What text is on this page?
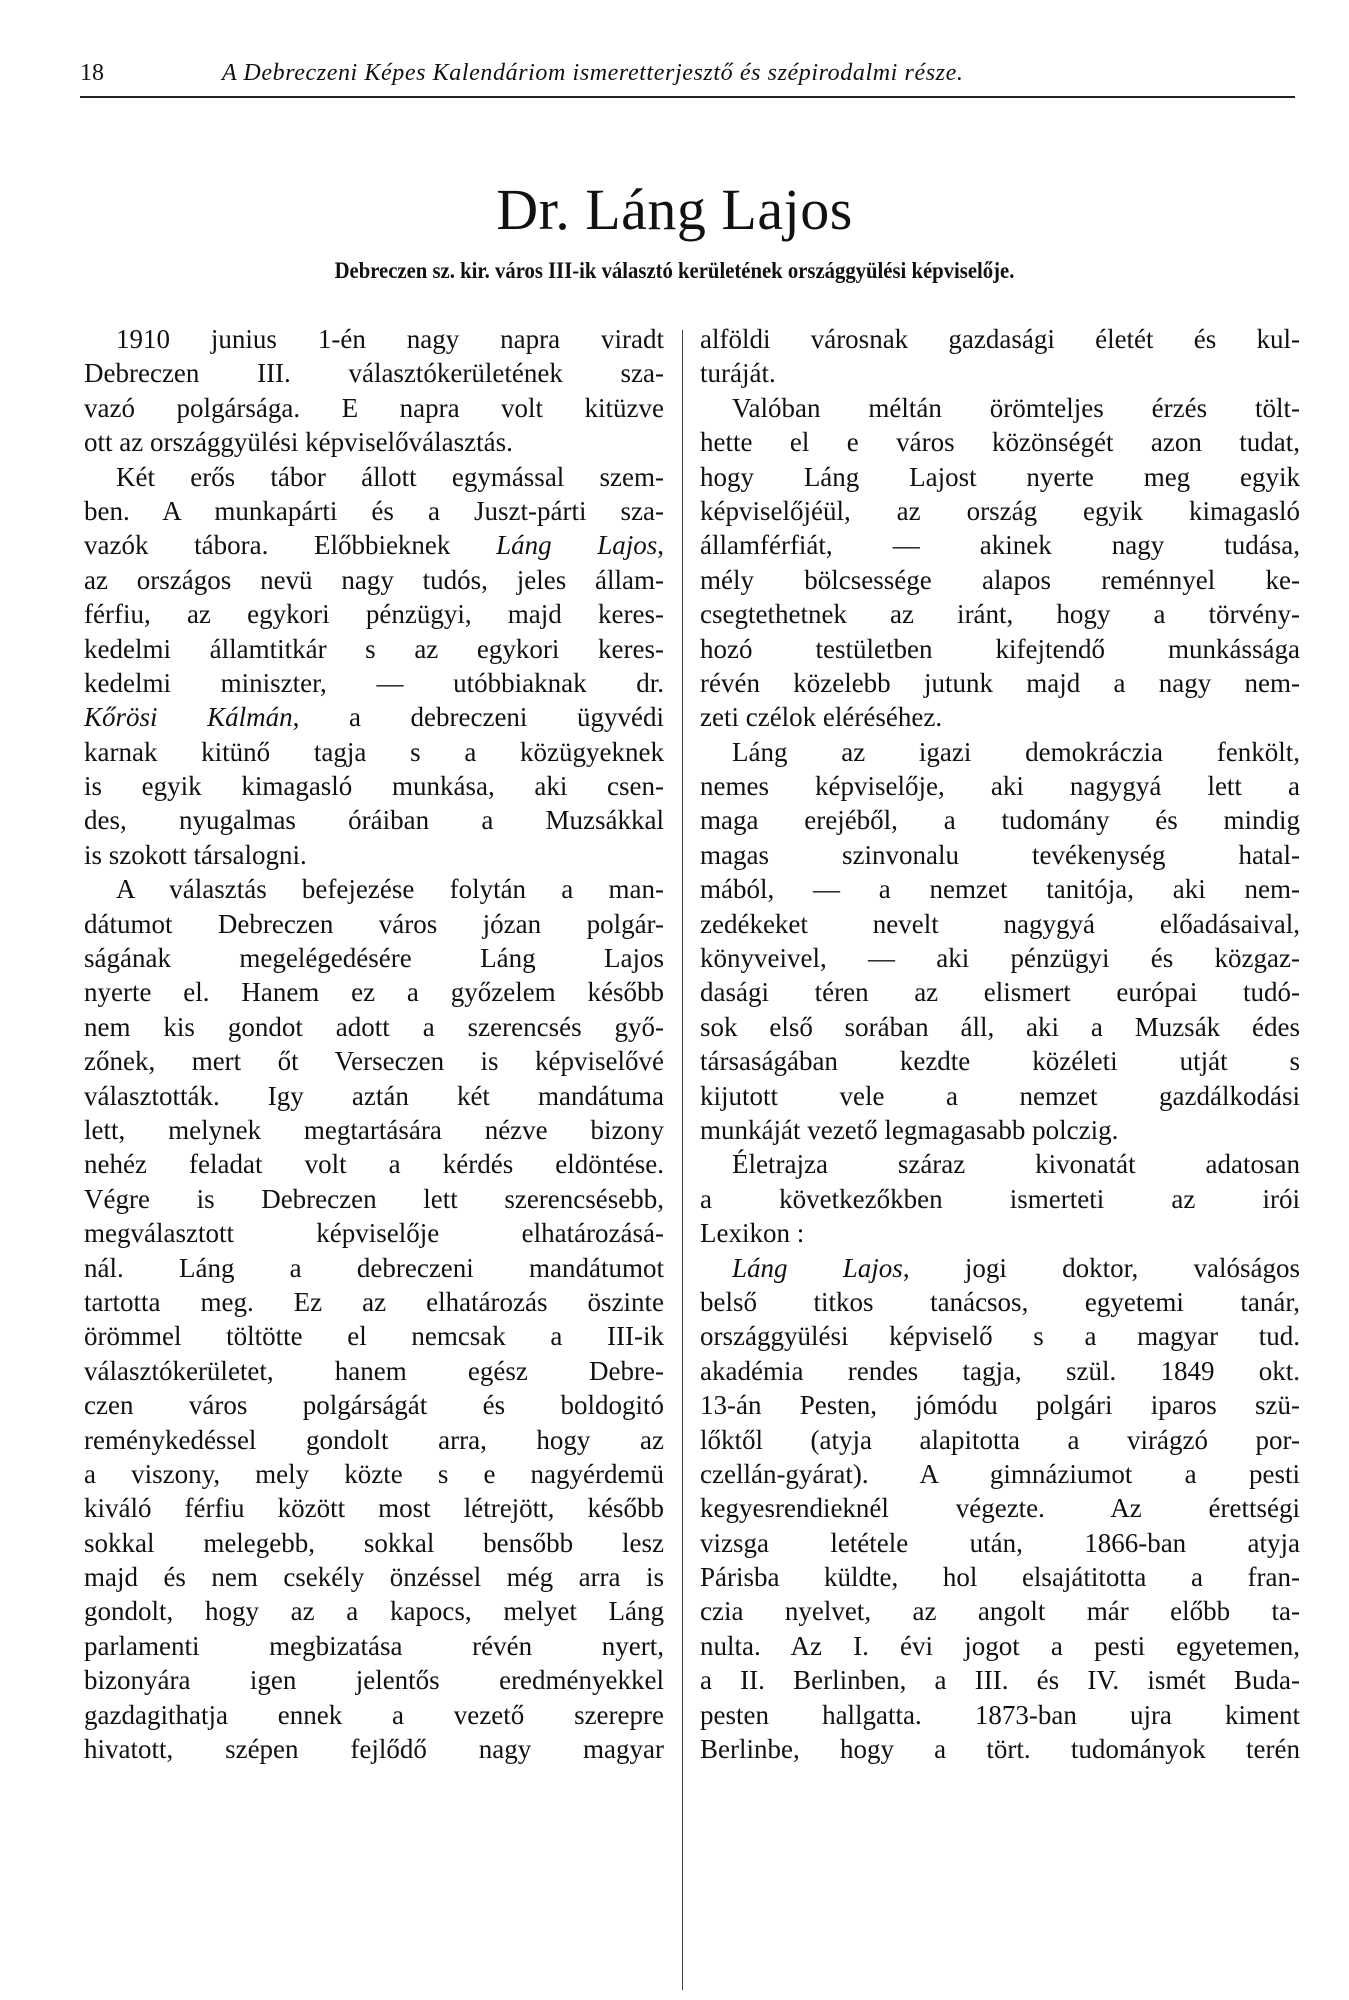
18	A Debreczeni Képes Kalendáriom ismeretterjesztő és szépirodalmi része.
Dr. Láng Lajos
Debreczen sz. kir. város III-ik választó kerületének országgyülési képviselője.
1910 junius 1-én nagy napra viradt
Debreczen III. választókerületének sza-
vazó polgársága. E napra volt kitüzve
ott az országgyülési képviselőválasztás.
Két erős tábor állott egymással szem-
ben. A munkapárti és a Juszt-párti sza-
vazók tábora. Előbbieknek Láng Lajos,
az országos nevü nagy tudós, jeles állam-
férfiu, az egykori pénzügyi, majd keres-
kedelmi államtitkár s az egykori keres-
kedelmi miniszter, — utóbbiaknak dr.
Kőrösi Kálmán, a debreczeni ügyvédi
karnak kitünő tagja s a közügyeknek
is egyik kimagasló munkása, aki csen-
des, nyugalmas óráiban a Muzsákkal
is szokott társalogni.
A választás befejezése folytán a man-
dátumot Debreczen város józan polgár-
ságának megelégedésére Láng Lajos
nyerte el. Hanem ez a győzelem később
nem kis gondot adott a szerencsés győ-
zőnek, mert őt Verseczen is képviselővé
választották. Igy aztán két mandátuma
lett, melynek megtartására nézve bizony
nehéz feladat volt a kérdés eldöntése.
Végre is Debreczen lett szerencsésebb,
megválasztott képviselője elhatározásá-
nál. Láng a debreczeni mandátumot
tartotta meg. Ez az elhatározás öszinte
örömmel töltötte el nemcsak a III-ik
választókerületet, hanem egész Debre-
czen város polgárságát és boldogitó
reménykedéssel gondolt arra, hogy az
a viszony, mely közte s e nagyérdemü
kiváló férfiu között most létrejött, később
sokkal melegebb, sokkal bensőbb lesz
majd és nem csekély önzéssel még arra is
gondolt, hogy az a kapocs, melyet Láng
parlamenti megbizatása révén nyert,
bizonyára igen jelentős eredményekkel
gazdagithatja ennek a vezető szerepre
hivatott, szépen fejlődő nagy magyar
alföldi városnak gazdasági életét és kul-
turáját.
Valóban méltán örömteljes érzés tölt-
hette el e város közönségét azon tudat,
hogy Láng Lajost nyerte meg egyik
képviselőjéül, az ország egyik kimagasló
államférfiát, — akinek nagy tudása,
mély bölcsessége alapos reménnyel ke-
csegtethetnek az iránt, hogy a törvény-
hozó testületben kifejtendő munkássága
révén közelebb jutunk majd a nagy nem-
zeti czélok eléréséhez.
Láng az igazi demokráczia fenkölt,
nemes képviselője, aki nagygyá lett a
maga erejéből, a tudomány és mindig
magas szinvonalu tevékenység hatal-
mából, — a nemzet tanitója, aki nem-
zedékeket nevelt nagygyá előadásaival,
könyveivel, — aki pénzügyi és közgaz-
dasági téren az elismert európai tudó-
sok első sorában áll, aki a Muzsák édes
társaságában kezdte közéleti utját s
kijutott vele a nemzet gazdálkodási
munkáját vezető legmagasabb polczig.
Életrajza száraz kivonatát adatosan
a következőkben ismerteti az irói
Lexikon :
Láng Lajos, jogi doktor, valóságos
belső titkos tanácsos, egyetemi tanár,
országgyülési képviselő s a magyar tud.
akadémia rendes tagja, szül. 1849 okt.
13-án Pesten, jómódu polgári iparos szü-
lőktől (atyja alapitotta a virágzó por-
czellán-gyárat). A gimnáziumot a pesti
kegyesrendieknél végezte. Az érettségi
vizsga letétele után, 1866-ban atyja
Párisba küldte, hol elsajátitotta a fran-
czia nyelvet, az angolt már előbb ta-
nulta. Az I. évi jogot a pesti egyetemen,
a II. Berlinben, a III. és IV. ismét Buda-
pesten hallgatta. 1873-ban ujra kiment
Berlinbe, hogy a tört. tudományok terén
